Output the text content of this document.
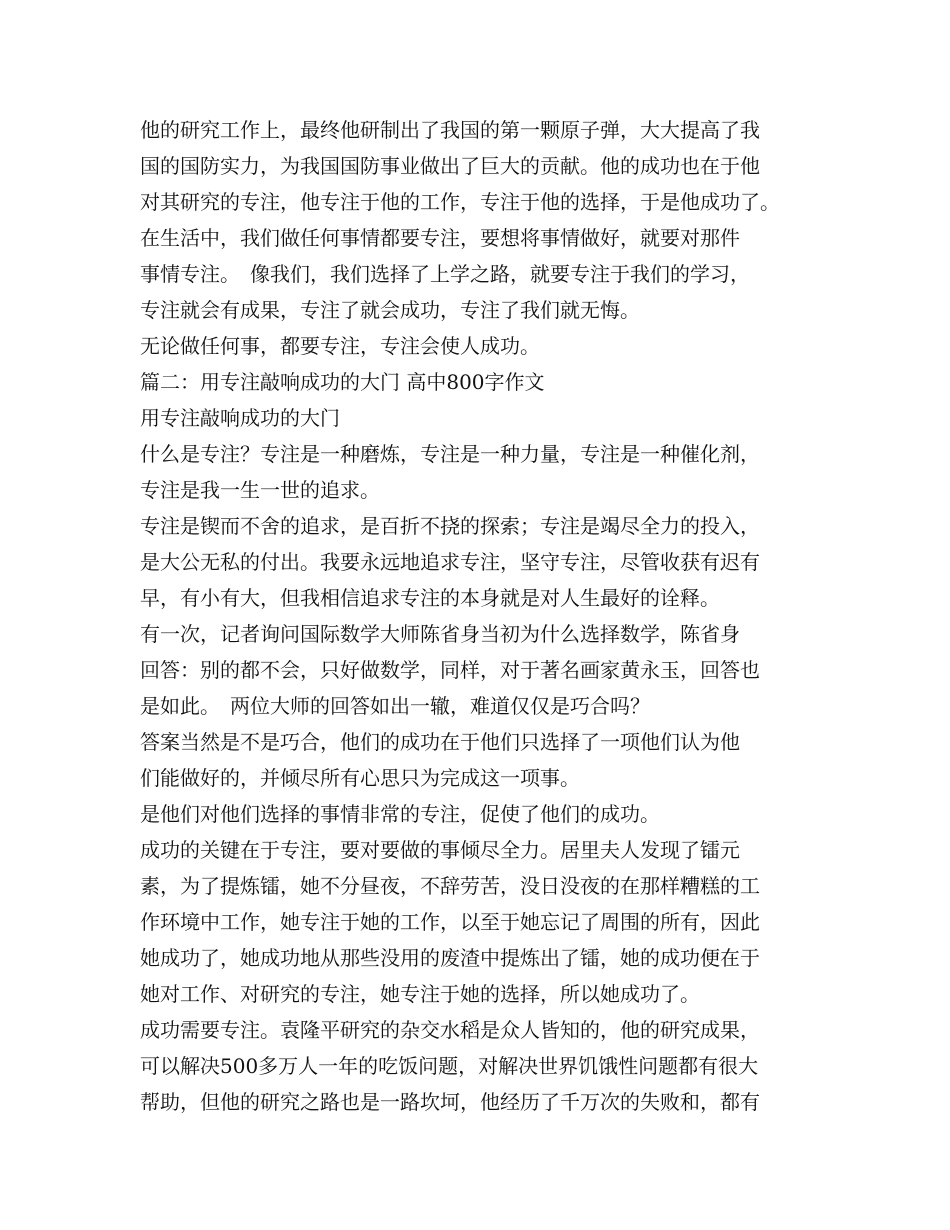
他的研究工作上，最终他研制出了我国的第一颗原子弹，大大提高了我
国的国防实力，为我国国防事业做出了巨大的贡献。他的成功也在于他
对其研究的专注，他专注于他的工作，专注于他的选择，于是他成功了。
在生活中，我们做任何事情都要专注，要想将事情做好，就要对那件
事情专注。　像我们，我们选择了上学之路，就要专注于我们的学习，
专注就会有成果，专注了就会成功，专注了我们就无悔。
无论做任何事，都要专注，专注会使人成功。
篇二：用专注敲响成功的大门 高中800字作文
用专注敲响成功的大门
什么是专注？专注是一种磨炼，专注是一种力量，专注是一种催化剂，
专注是我一生一世的追求。
专注是锲而不舍的追求，是百折不挠的探索；专注是竭尽全力的投入，
是大公无私的付出。我要永远地追求专注，坚守专注，尽管收获有迟有
早，有小有大，但我相信追求专注的本身就是对人生最好的诠释。
有一次，记者询问国际数学大师陈省身当初为什么选择数学，陈省身
回答：别的都不会，只好做数学，同样，对于著名画家黄永玉，回答也
是如此。　两位大师的回答如出一辙，难道仅仅是巧合吗？
答案当然是不是巧合，他们的成功在于他们只选择了一项他们认为他
们能做好的，并倾尽所有心思只为完成这一项事。
是他们对他们选择的事情非常的专注，促使了他们的成功。
成功的关键在于专注，要对要做的事倾尽全力。居里夫人发现了镭元
素，为了提炼镭，她不分昼夜，不辞劳苦，没日没夜的在那样糟糕的工
作环境中工作，她专注于她的工作，以至于她忘记了周围的所有，因此
她成功了，她成功地从那些没用的废渣中提炼出了镭，她的成功便在于
她对工作、对研究的专注，她专注于她的选择，所以她成功了。
成功需要专注。袁隆平研究的杂交水稻是众人皆知的，他的研究成果，
可以解决500多万人一年的吃饭问题，对解决世界饥饿性问题都有很大
帮助，但他的研究之路也是一路坎坷，他经历了千万次的失败和，都有
